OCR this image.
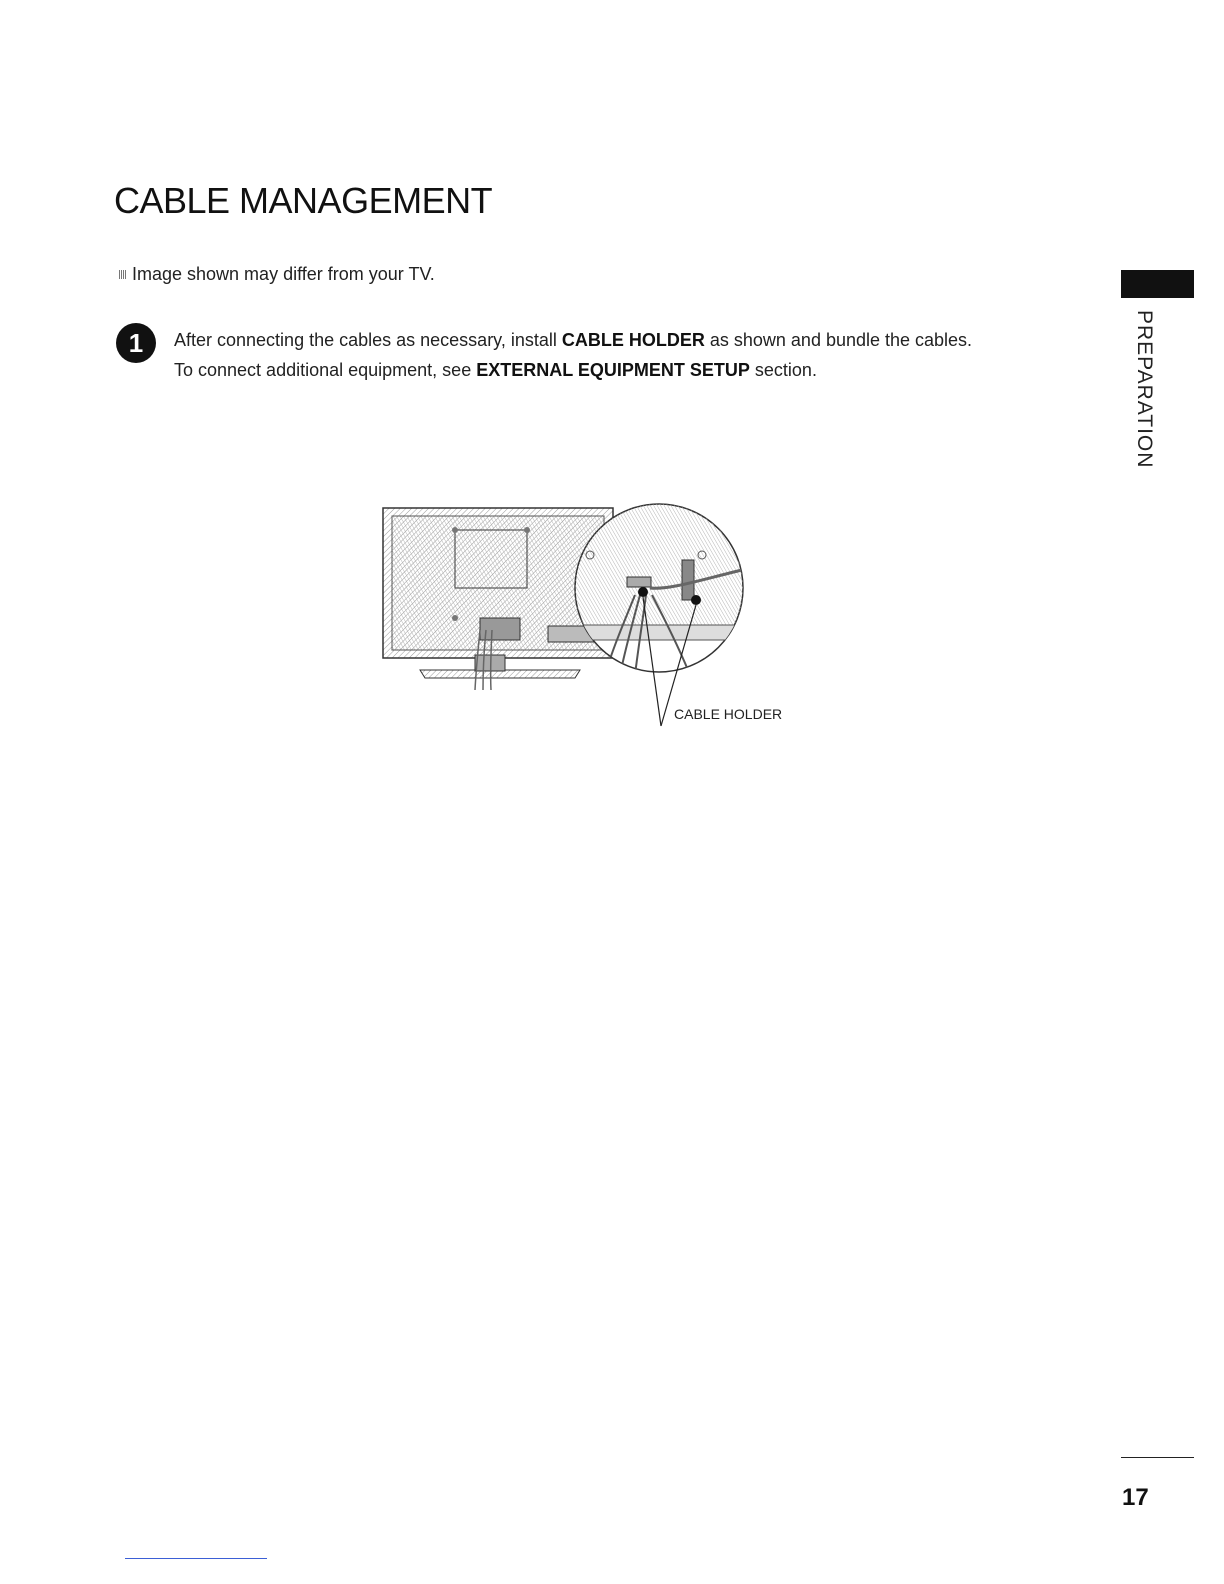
CABLE MANAGEMENT
Image shown may differ from your TV.
1	After connecting the cables as necessary, install CABLE HOLDER as shown and bundle the cables.
To connect additional equipment, see EXTERNAL EQUIPMENT SETUP section.
CABLE HOLDER
PREPARATION
17
